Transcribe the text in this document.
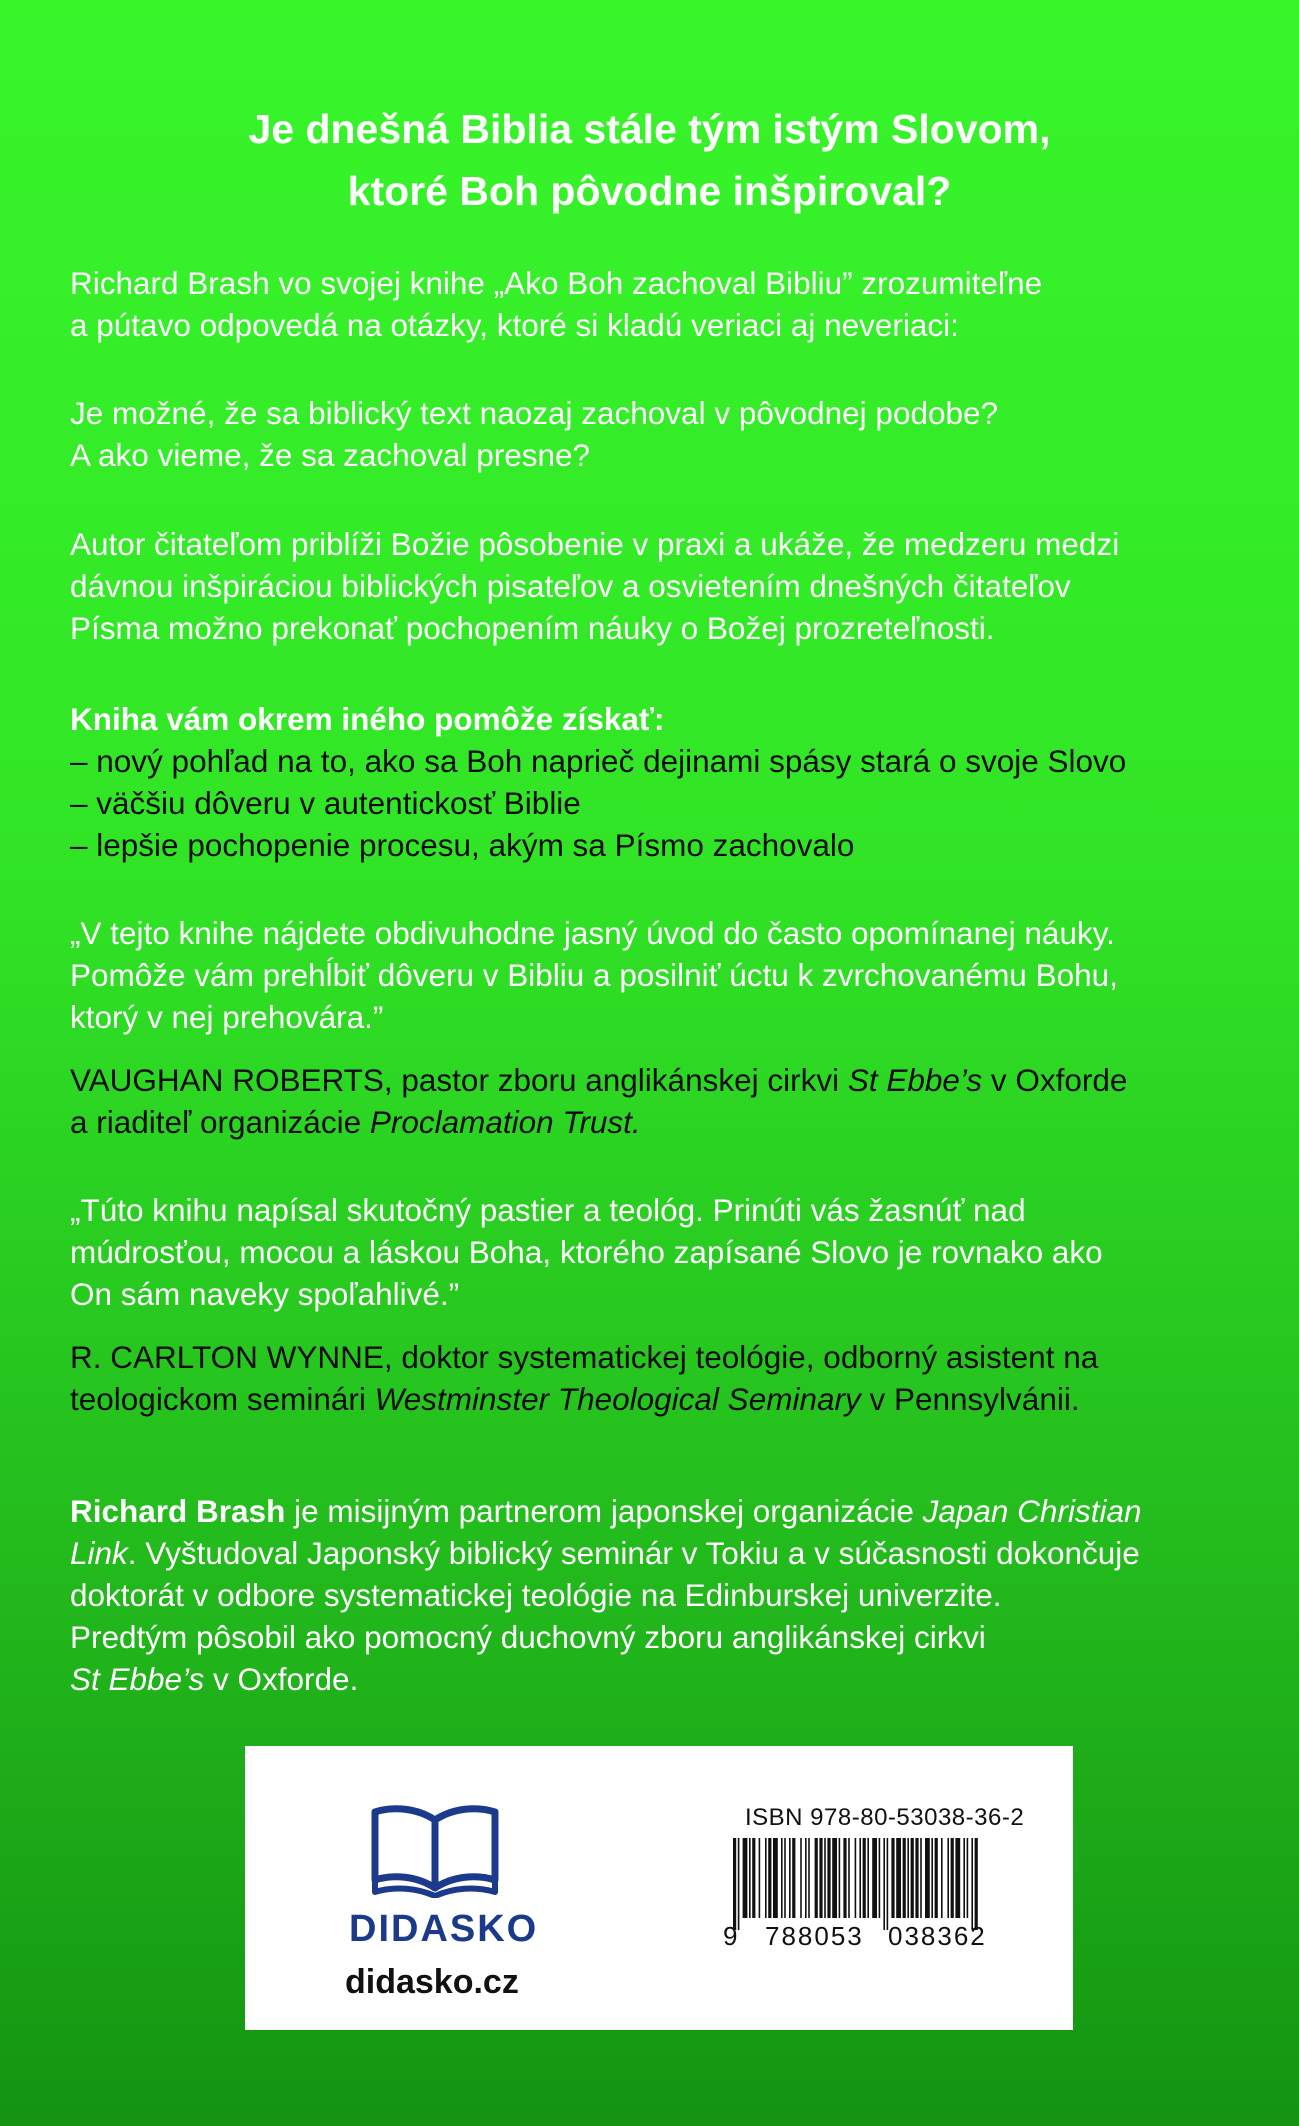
Je dnešná Biblia stále tým istým Slovom,
ktoré Boh pôvodne inšpiroval?
Richard Brash vo svojej knihe „Ako Boh zachoval Bibliu” zrozumiteľne
a pútavo odpovedá na otázky, ktoré si kladú veriaci aj neveriaci:
Je možné, že sa biblický text naozaj zachoval v pôvodnej podobe?
A ako vieme, že sa zachoval presne?
Autor čitateľom priblíži Božie pôsobenie v praxi a ukáže, že medzeru medzi
dávnou inšpiráciou biblických pisateľov a osvietením dnešných čitateľov
Písma možno prekonať pochopením náuky o Božej prozreteľnosti.
Kniha vám okrem iného pomôže získať:
– nový pohľad na to, ako sa Boh naprieč dejinami spásy stará o svoje Slovo
– väčšiu dôveru v autentickosť Biblie
– lepšie pochopenie procesu, akým sa Písmo zachovalo
„V tejto knihe nájdete obdivuhodne jasný úvod do často opomínanej náuky.
Pomôže vám prehĺbiť dôveru v Bibliu a posilniť úctu k zvrchovanému Bohu,
ktorý v nej prehovára.”
VAUGHAN ROBERTS, pastor zboru anglikánskej cirkvi St Ebbe’s v Oxforde
a riaditeľ organizácie Proclamation Trust.
„Túto knihu napísal skutočný pastier a teológ. Prinúti vás žasnúť nad
múdrosťou, mocou a láskou Boha, ktorého zapísané Slovo je rovnako ako
On sám naveky spoľahlivé.”
R. CARLTON WYNNE, doktor systematickej teológie, odborný asistent na
teologickom seminári Westminster Theological Seminary v Pennsylvánii.
Richard Brash je misijným partnerom japonskej organizácie Japan Christian
Link. Vyštudoval Japonský biblický seminár v Tokiu a v súčasnosti dokončuje
doktorát v odbore systematickej teológie na Edinburskej univerzite.
Predtým pôsobil ako pomocný duchovný zboru anglikánskej cirkvi
St Ebbe’s v Oxforde.
DIDASKO
didasko.cz
ISBN 978-80-53038-36-2
9 788053 038362
